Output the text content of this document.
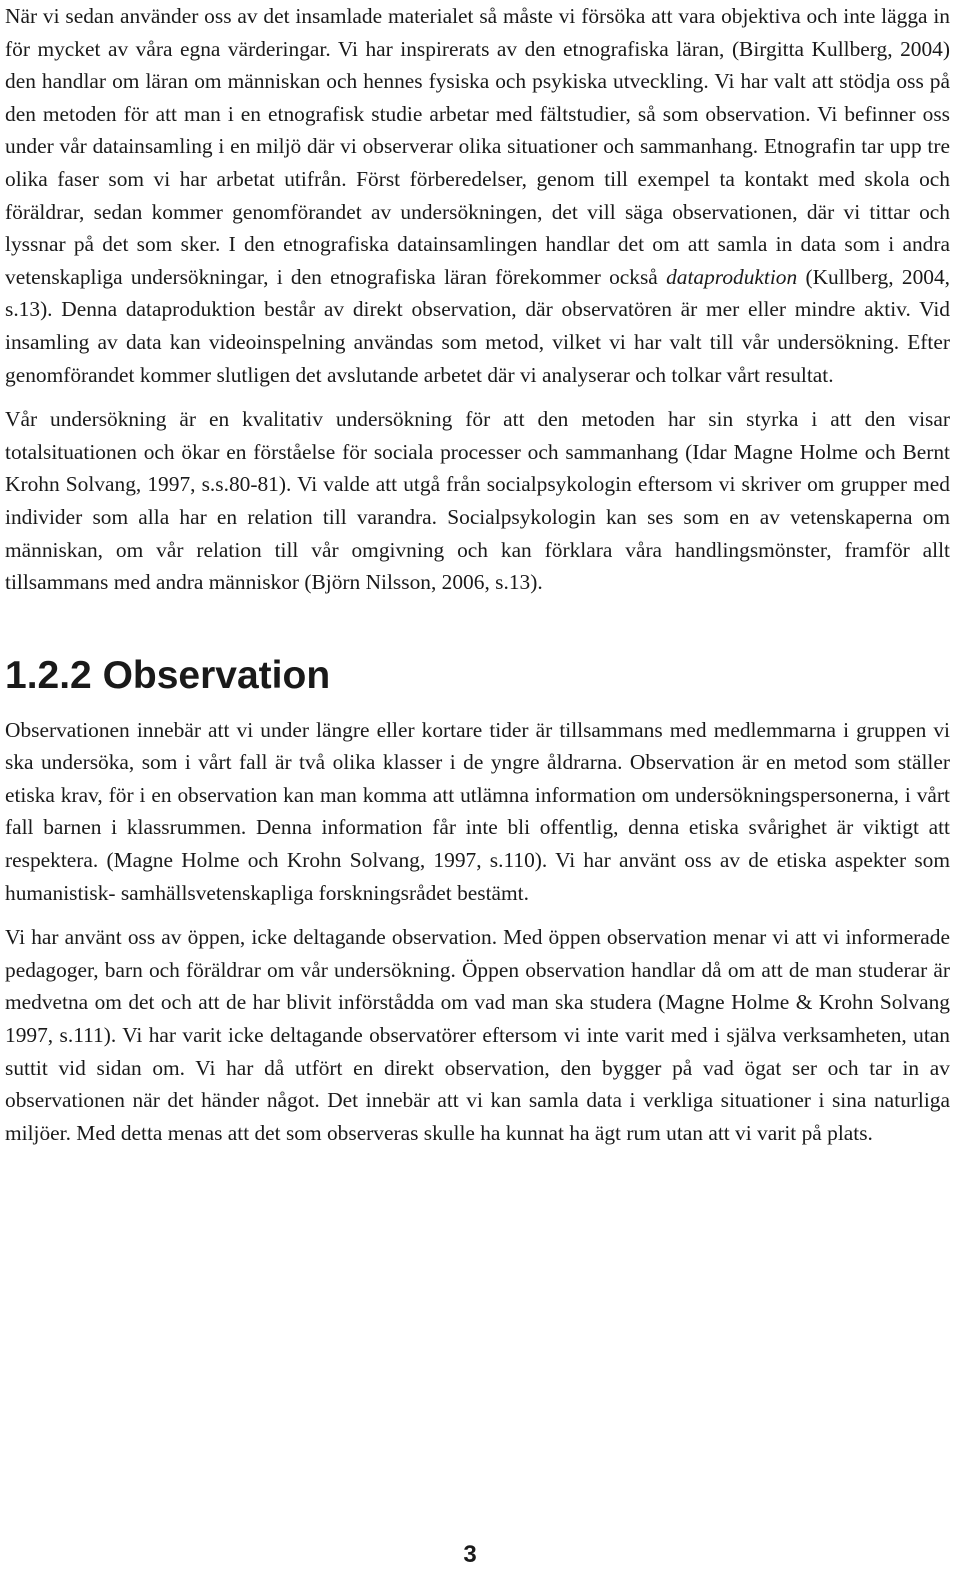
När vi sedan använder oss av det insamlade materialet så måste vi försöka att vara objektiva och inte lägga in för mycket av våra egna värderingar. Vi har inspirerats av den etnografiska läran, (Birgitta Kullberg, 2004) den handlar om läran om människan och hennes fysiska och psykiska utveckling. Vi har valt att stödja oss på den metoden för att man i en etnografisk studie arbetar med fältstudier, så som observation. Vi befinner oss under vår datainsamling i en miljö där vi observerar olika situationer och sammanhang. Etnografin tar upp tre olika faser som vi har arbetat utifrån. Först förberedelser, genom till exempel ta kontakt med skola och föräldrar, sedan kommer genomförandet av undersökningen, det vill säga observationen, där vi tittar och lyssnar på det som sker. I den etnografiska datainsamlingen handlar det om att samla in data som i andra vetenskapliga undersökningar, i den etnografiska läran förekommer också dataproduktion (Kullberg, 2004, s.13). Denna dataproduktion består av direkt observation, där observatören är mer eller mindre aktiv. Vid insamling av data kan videoinspelning användas som metod, vilket vi har valt till vår undersökning. Efter genomförandet kommer slutligen det avslutande arbetet där vi analyserar och tolkar vårt resultat.

Vår undersökning är en kvalitativ undersökning för att den metoden har sin styrka i att den visar totalsituationen och ökar en förståelse för sociala processer och sammanhang (Idar Magne Holme och Bernt Krohn Solvang, 1997, s.s.80-81). Vi valde att utgå från socialpsykologin eftersom vi skriver om grupper med individer som alla har en relation till varandra. Socialpsykologin kan ses som en av vetenskaperna om människan, om vår relation till vår omgivning och kan förklara våra handlingsmönster, framför allt tillsammans med andra människor (Björn Nilsson, 2006, s.13).

1.2.2 Observation

Observationen innebär att vi under längre eller kortare tider är tillsammans med medlemmarna i gruppen vi ska undersöka, som i vårt fall är två olika klasser i de yngre åldrarna. Observation är en metod som ställer etiska krav, för i en observation kan man komma att utlämna information om undersökningspersonerna, i vårt fall barnen i klassrummen. Denna information får inte bli offentlig, denna etiska svårighet är viktigt att respektera. (Magne Holme och Krohn Solvang, 1997, s.110). Vi har använt oss av de etiska aspekter som humanistisk- samhällsvetenskapliga forskningsrådet bestämt.

Vi har använt oss av öppen, icke deltagande observation. Med öppen observation menar vi att vi informerade pedagoger, barn och föräldrar om vår undersökning. Öppen observation handlar då om att de man studerar är medvetna om det och att de har blivit införstådda om vad man ska studera (Magne Holme & Krohn Solvang 1997, s.111). Vi har varit icke deltagande observatörer eftersom vi inte varit med i själva verksamheten, utan suttit vid sidan om. Vi har då utfört en direkt observation, den bygger på vad ögat ser och tar in av observationen när det händer något. Det innebär att vi kan samla data i verkliga situationer i sina naturliga miljöer. Med detta menas att det som observeras skulle ha kunnat ha ägt rum utan att vi varit på plats.

3
